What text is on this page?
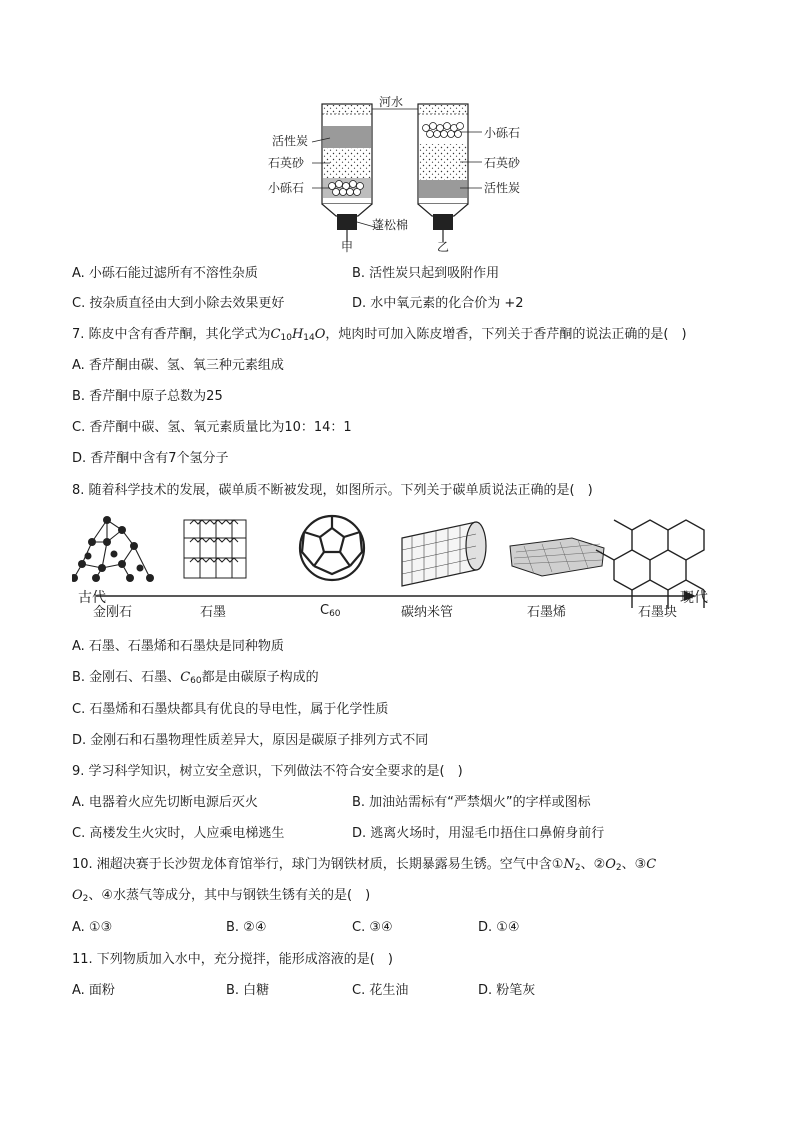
河水
活性炭
石英砂
小砾石
蓬松棉
小砾石
石英砂
活性炭
甲	乙
A. 小砾石能过滤所有不溶性杂质	B. 活性炭只起到吸附作用
C. 按杂质直径由大到小除去效果更好	D. 水中氧元素的化合价为 +2
7. 陈皮中含有香芹酮，其化学式为$C_{10}H_{14}O$，炖肉时可加入陈皮增香，下列关于香芹酮的说法正确的是(　)
A. 香芹酮由碳、氢、氧三种元素组成
B. 香芹酮中原子总数为25
C. 香芹酮中碳、氢、氧元素质量比为10：14：1
D. 香芹酮中含有7个氢分子
8. 随着科学技术的发展，碳单质不断被发现，如图所示。下列关于碳单质说法正确的是(　)
古代	现代
金刚石	石墨	$C_{60}$	碳纳米管	石墨烯	石墨块
A. 石墨、石墨烯和石墨炔是同种物质
B. 金刚石、石墨、$C_{60}$都是由碳原子构成的
C. 石墨烯和石墨炔都具有优良的导电性，属于化学性质
D. 金刚石和石墨物理性质差异大，原因是碳原子排列方式不同
9. 学习科学知识，树立安全意识，下列做法不符合安全要求的是(　)
A. 电器着火应先切断电源后灭火	B. 加油站需标有“严禁烟火”的字样或图标
C. 高楼发生火灾时，人应乘电梯逃生	D. 逃离火场时，用湿毛巾捂住口鼻俯身前行
10. 湘超决赛于长沙贺龙体育馆举行，球门为钢铁材质，长期暴露易生锈。空气中含$①N_2$、$②O_2$、③C
$O_2$、④水蒸气等成分，其中与钢铁生锈有关的是(　)
A. ①③	B. ②④	C. ③④	D. ①④
11. 下列物质加入水中，充分搅拌，能形成溶液的是(　)
A. 面粉	B. 白糖	C. 花生油	D. 粉笔灰
